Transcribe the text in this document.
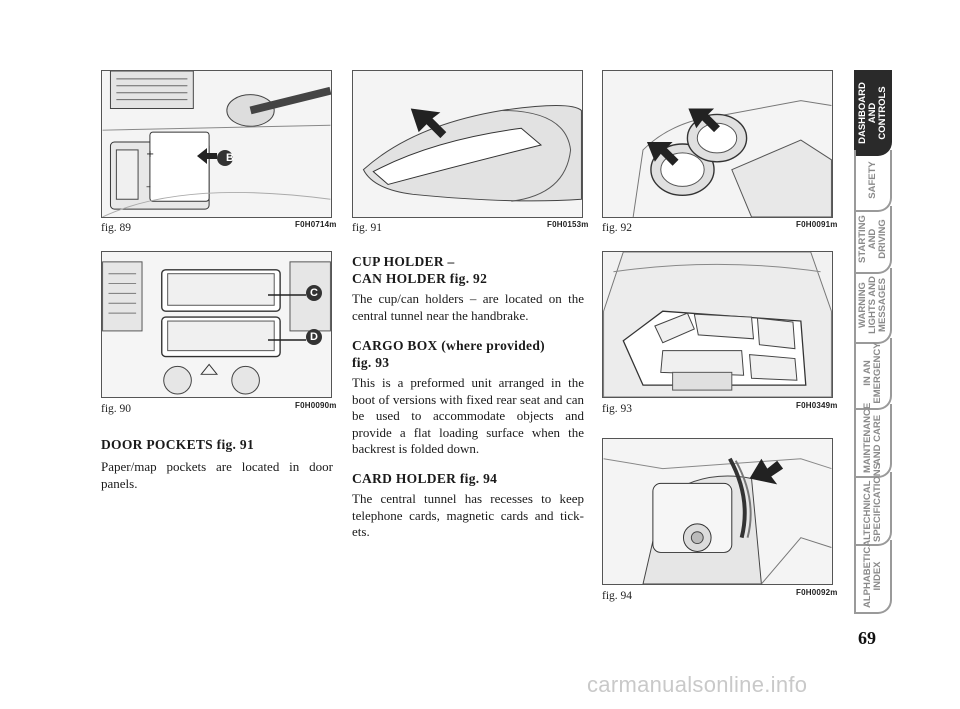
+
–
B
fig. 89	F0H0714m
C
D
fig. 90	F0H0090m
fig. 91	F0H0153m fig. 92	F0H0091m
fig. 93	F0H0349m
fig. 94	F0H0092m
DOOR POCKETS fig. 91
Paper/map pockets are located in door panels.
CUP HOLDER –
CAN HOLDER fig. 92
The cup/can holders – are located on the central tunnel near the handbrake.
CARGO BOX (where provided)
fig. 93
This is a preformed unit arranged in the boot of versions with fixed rear seat and can be used to accommodate objects and provide a flat loading surface when the backrest is folded down.
CARD HOLDER fig. 94
The central tunnel has recesses to keep telephone cards, magnetic cards and tick-ets.
DASHBOARD AND CONTROLS
SAFETY
STARTING AND DRIVING
WARNING LIGHTS AND MESSAGES
IN AN EMERGENCY
MAINTENANCE AND CARE
TECHNICAL SPECIFICATIONS
ALPHABETICAL INDEX
69
carmanualsonline.info
